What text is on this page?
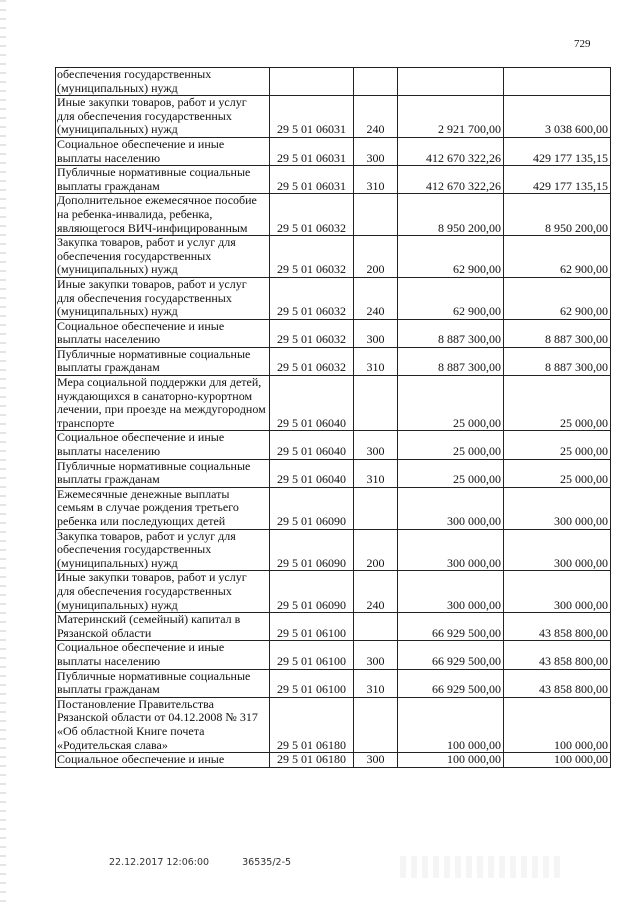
729
обеспечения государственных (муниципальных) нужд				
Иные закупки товаров, работ и услуг для обеспечения государственных (муниципальных) нужд	29 5 01 06031	240	2 921 700,00	3 038 600,00
Социальное обеспечение и иные выплаты населению	29 5 01 06031	300	412 670 322,26	429 177 135,15
Публичные нормативные социальные выплаты гражданам	29 5 01 06031	310	412 670 322,26	429 177 135,15
Дополнительное ежемесячное пособие на ребенка-инвалида, ребенка, являющегося ВИЧ-инфицированным	29 5 01 06032		8 950 200,00	8 950 200,00
Закупка товаров, работ и услуг для обеспечения государственных (муниципальных) нужд	29 5 01 06032	200	62 900,00	62 900,00
Иные закупки товаров, работ и услуг для обеспечения государственных (муниципальных) нужд	29 5 01 06032	240	62 900,00	62 900,00
Социальное обеспечение и иные выплаты населению	29 5 01 06032	300	8 887 300,00	8 887 300,00
Публичные нормативные социальные выплаты гражданам	29 5 01 06032	310	8 887 300,00	8 887 300,00
Мера социальной поддержки для детей, нуждающихся в санаторно-курортном лечении, при проезде на междугородном транспорте	29 5 01 06040		25 000,00	25 000,00
Социальное обеспечение и иные выплаты населению	29 5 01 06040	300	25 000,00	25 000,00
Публичные нормативные социальные выплаты гражданам	29 5 01 06040	310	25 000,00	25 000,00
Ежемесячные денежные выплаты семьям в случае рождения третьего ребенка или последующих детей	29 5 01 06090		300 000,00	300 000,00
Закупка товаров, работ и услуг для обеспечения государственных (муниципальных) нужд	29 5 01 06090	200	300 000,00	300 000,00
Иные закупки товаров, работ и услуг для обеспечения государственных (муниципальных) нужд	29 5 01 06090	240	300 000,00	300 000,00
Материнский (семейный) капитал в Рязанской области	29 5 01 06100		66 929 500,00	43 858 800,00
Социальное обеспечение и иные выплаты населению	29 5 01 06100	300	66 929 500,00	43 858 800,00
Публичные нормативные социальные выплаты гражданам	29 5 01 06100	310	66 929 500,00	43 858 800,00
Постановление Правительства Рязанской области от 04.12.2008 № 317 «Об областной Книге почета «Родительская слава»	29 5 01 06180		100 000,00	100 000,00
Социальное обеспечение и иные	29 5 01 06180	300	100 000,00	100 000,00
22.12.2017 12:06:00	36535/2-5
